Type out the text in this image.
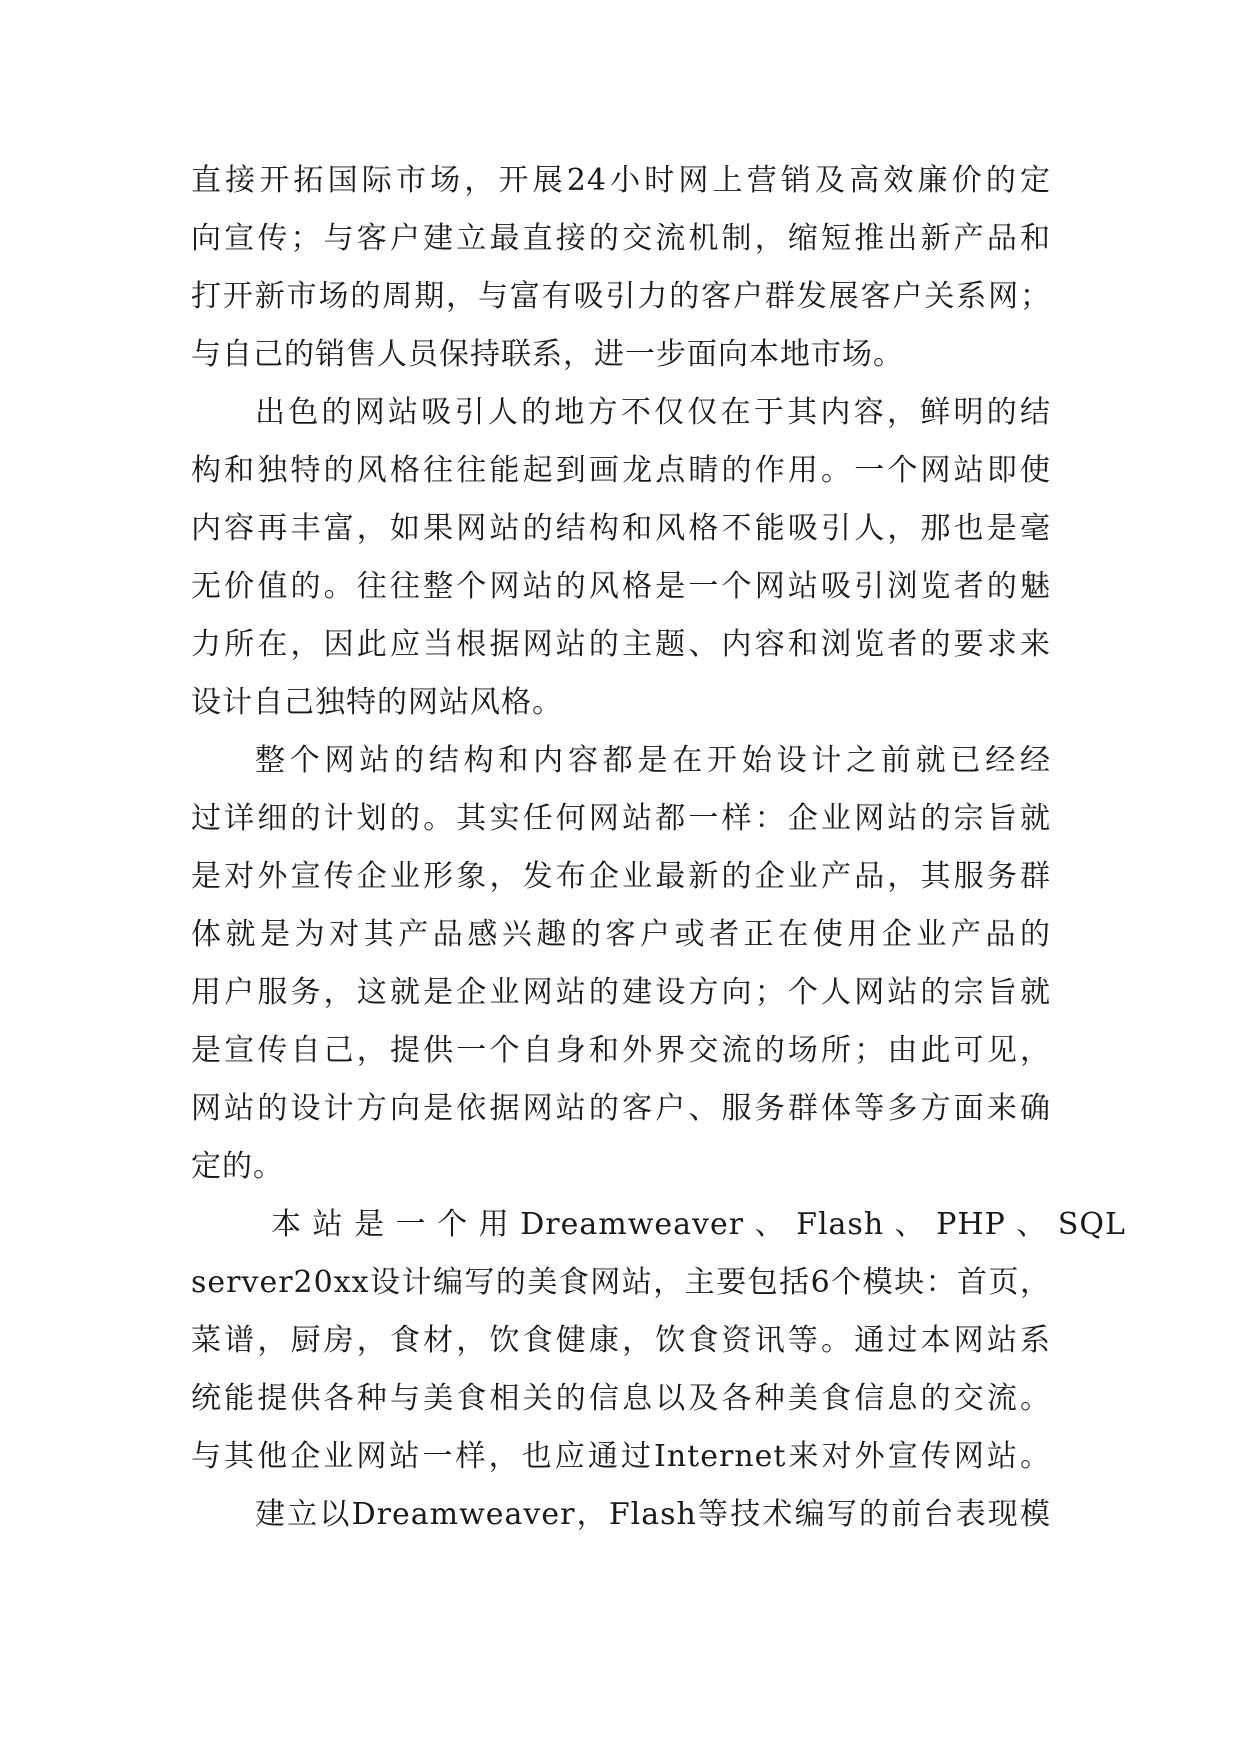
直接开拓国际市场，开展24小时网上营销及高效廉价的定
向宣传；与客户建立最直接的交流机制，缩短推出新产品和
打开新市场的周期，与富有吸引力的客户群发展客户关系网；
与自己的销售人员保持联系，进一步面向本地市场。
出色的网站吸引人的地方不仅仅在于其内容，鲜明的结
构和独特的风格往往能起到画龙点睛的作用。一个网站即使
内容再丰富，如果网站的结构和风格不能吸引人，那也是毫
无价值的。往往整个网站的风格是一个网站吸引浏览者的魅
力所在，因此应当根据网站的主题、内容和浏览者的要求来
设计自己独特的网站风格。
整个网站的结构和内容都是在开始设计之前就已经经
过详细的计划的。其实任何网站都一样：企业网站的宗旨就
是对外宣传企业形象，发布企业最新的企业产品，其服务群
体就是为对其产品感兴趣的客户或者正在使用企业产品的
用户服务，这就是企业网站的建设方向；个人网站的宗旨就
是宣传自己，提供一个自身和外界交流的场所；由此可见，
网站的设计方向是依据网站的客户、服务群体等多方面来确
定的。
本 站 是 一 个 用 Dreamweaver 、 Flash 、 PHP 、 SQL
server20xx设计编写的美食网站，主要包括6个模块：首页，
菜谱，厨房，食材，饮食健康，饮食资讯等。通过本网站系
统能提供各种与美食相关的信息以及各种美食信息的交流。
与其他企业网站一样，也应通过Internet来对外宣传网站。
建立以Dreamweaver，Flash等技术编写的前台表现模
